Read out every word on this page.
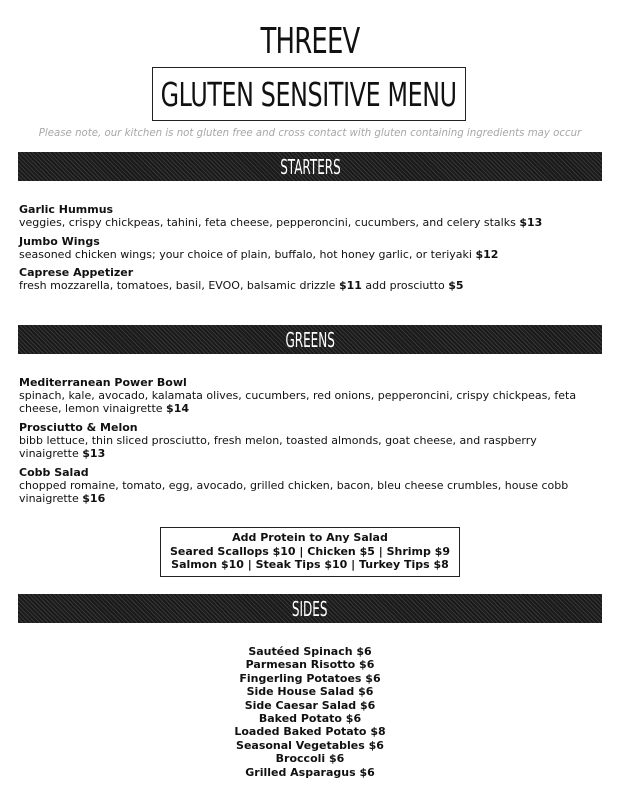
THREEV
GLUTEN SENSITIVE MENU
Please note, our kitchen is not gluten free and cross contact with gluten containing ingredients may occur
STARTERS
Garlic Hummus
veggies, crispy chickpeas, tahini, feta cheese, pepperoncini, cucumbers, and celery stalks $13
Jumbo Wings
seasoned chicken wings; your choice of plain, buffalo, hot honey garlic, or teriyaki $12
Caprese Appetizer
fresh mozzarella, tomatoes, basil, EVOO, balsamic drizzle $11 add prosciutto $5
GREENS
Mediterranean Power Bowl
spinach, kale, avocado, kalamata olives, cucumbers, red onions, pepperoncini, crispy chickpeas, feta cheese, lemon vinaigrette $14
Prosciutto & Melon
bibb lettuce, thin sliced prosciutto, fresh melon, toasted almonds, goat cheese, and raspberry vinaigrette $13
Cobb Salad
chopped romaine, tomato, egg, avocado, grilled chicken, bacon, bleu cheese crumbles, house cobb vinaigrette $16
Add Protein to Any Salad
Seared Scallops $10 | Chicken $5 | Shrimp $9
Salmon $10 | Steak Tips $10 | Turkey Tips $8
SIDES
Sautéed Spinach $6
Parmesan Risotto $6
Fingerling Potatoes $6
Side House Salad $6
Side Caesar Salad $6
Baked Potato $6
Loaded Baked Potato $8
Seasonal Vegetables $6
Broccoli $6
Grilled Asparagus $6
